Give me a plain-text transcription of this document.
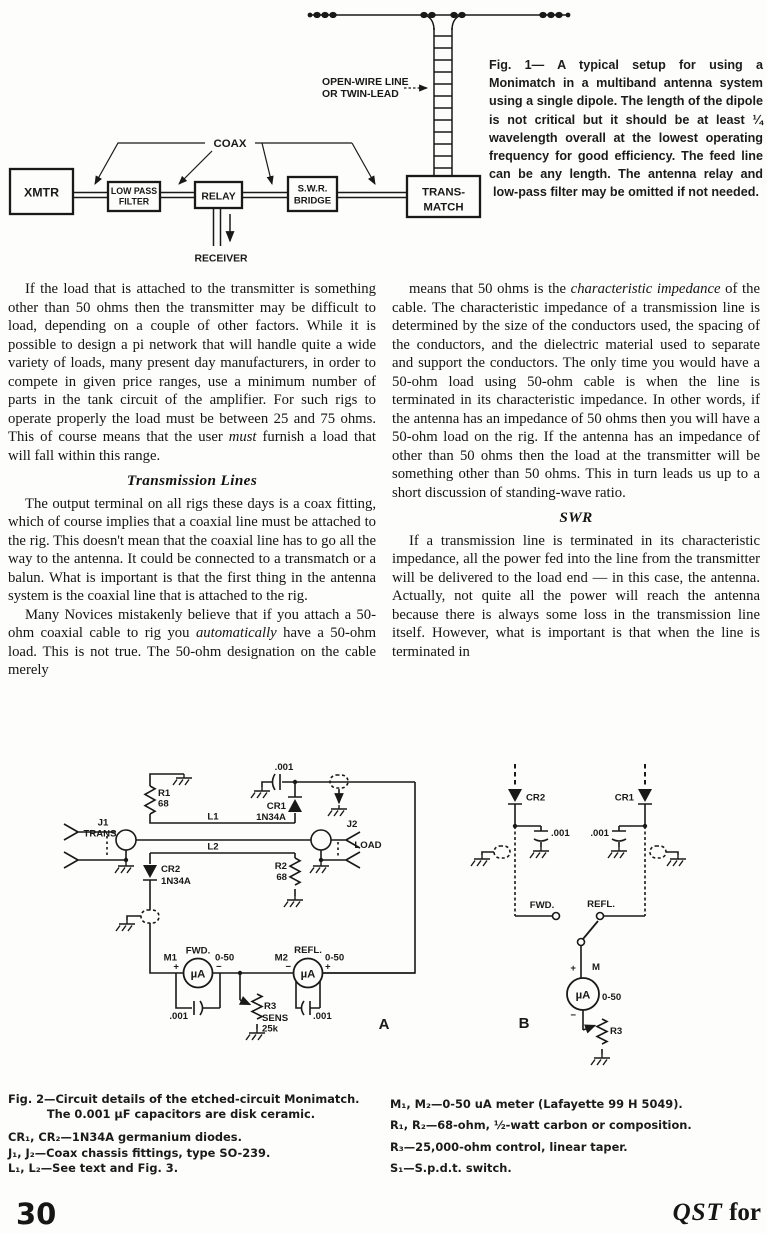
OPEN-WIRE LINE
OR TWIN-LEAD
COAX
XMTR	LOW PASS
FILTER	RELAY
S.W.R.
BRIDGE
TRANS-
MATCH
RECEIVER
Fig. 1— A typical setup for using a Monimatch in a multiband antenna system using a single dipole. The length of the dipole is not critical but it should be at least ¼ wavelength overall at the lowest operating frequency for good efficiency. The feed line can be any length. The antenna relay and low-pass filter may be omitted if not needed.

If the load that is attached to the transmitter is something other than 50 ohms then the transmitter may be difficult to load, depending on a couple of other factors. While it is possible to design a pi network that will handle quite a wide variety of loads, many present day manufacturers, in order to compete in given price ranges, use a minimum number of parts in the tank circuit of the amplifier. For such rigs to operate properly the load must be between 25 and 75 ohms. This of course means that the user must furnish a load that will fall within this range.

Transmission Lines

The output terminal on all rigs these days is a coax fitting, which of course implies that a coaxial line must be attached to the rig. This doesn't mean that the coaxial line has to go all the way to the antenna. It could be connected to a transmatch or a balun. What is important is that the first thing in the antenna system is the coaxial line that is attached to the rig.

Many Novices mistakenly believe that if you attach a 50-ohm coaxial cable to rig you automatically have a 50-ohm load. This is not true. The 50-ohm designation on the cable merely

means that 50 ohms is the characteristic impedance of the cable. The characteristic impedance of a transmission line is determined by the size of the conductors used, the spacing of the conductors, and the dielectric material used to separate and support the conductors. The only time you would have a 50-ohm load using 50-ohm cable is when the line is terminated in its characteristic impedance. In other words, if the antenna has an impedance of 50 ohms then you will have a 50-ohm load on the rig. If the antenna has an impedance of other than 50 ohms then the load at the transmitter will be something other than 50 ohms. This in turn leads us up to a short discussion of standing-wave ratio.

SWR

If a transmission line is terminated in its characteristic impedance, all the power fed into the line from the transmitter will be delivered to the load end — in this case, the antenna. Actually, not quite all the power will reach the antenna because there is always some loss in the transmission line itself. However, what is important is that when the line is terminated in

R1
68
L1
CR1
1N34A
.001
J1
TRANS
J2
LOAD
L2
CR2
1N34A
R2
68
M1
FWD.
0-50
+	−
µA
M2
REFL.
0-50
−	+
µA
.001	.001
R3
SENS
25k	A
CR2	CR1
.001 .001
FWD.	REFL.
+ M
µA 0-50
−
R3
B
Fig. 2—Circuit details of the etched-circuit Monimatch.
The 0.001 µF capacitors are disk ceramic.
CR₁, CR₂—1N34A germanium diodes.
J₁, J₂—Coax chassis fittings, type SO-239.
L₁, L₂—See text and Fig. 3.
M₁, M₂—0-50 uA meter (Lafayette 99 H 5049).
R₁, R₂—68-ohm, ½-watt carbon or composition.
R₃—25,000-ohm control, linear taper.
S₁—S.p.d.t. switch.
30	QST for
